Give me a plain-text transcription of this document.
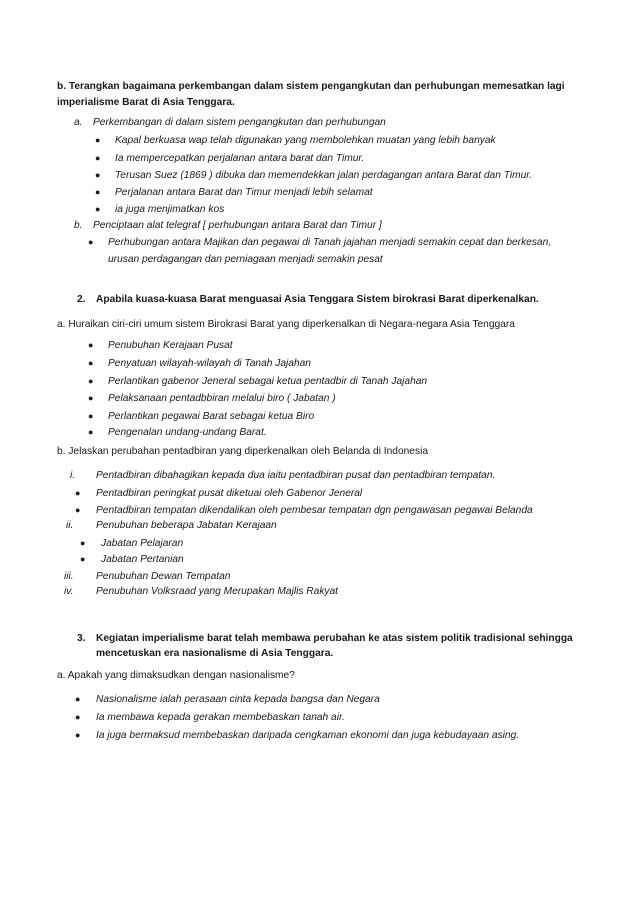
b. Terangkan bagaimana perkembangan dalam sistem pengangkutan dan perhubungan memesatkan lagi
imperialisme Barat di Asia Tenggara.
a. Perkembangan di dalam sistem pengangkutan dan perhubungan
● Kapal berkuasa wap telah digunakan yang membolehkan muatan yang lebih banyak
● Ia mempercepatkan perjalanan antara barat dan Timur.
● Terusan Suez (1869 ) dibuka dan memendekkan jalan perdagangan antara Barat dan Timur.
● Perjalanan antara Barat dan Timur menjadi lebih selamat
● ia juga menjimatkan kos
b. Penciptaan alat telegraf [ perhubungan antara Barat dan Timur ]
● Perhubungan antara Majikan dan pegawai di Tanah jajahan menjadi semakin cepat dan berkesan,
urusan perdagangan dan perniagaan menjadi semakin pesat
2. Apabila kuasa-kuasa Barat menguasai Asia Tenggara Sistem birokrasi Barat diperkenalkan.
a. Huraikan ciri-ciri umum sistem Birokrasi Barat yang diperkenalkan di Negara-negara Asia Tenggara
● Penubuhan Kerajaan Pusat
● Penyatuan wilayah-wilayah di Tanah Jajahan
● Perlantikan gabenor Jeneral sebagai ketua pentadbir di Tanah Jajahan
● Pelaksanaan pentadbbiran melalui biro ( Jabatan )
● Perlantikan pegawai Barat sebagai ketua Biro
● Pengenalan undang-undang Barat.
b. Jelaskan perubahan pentadbiran yang diperkenalkan oleh Belanda di Indonesia
i. Pentadbiran dibahagikan kepada dua iaitu pentadbiran pusat dan pentadbiran tempatan.
● Pentadbiran peringkat pusat diketuai oleh Gabenor Jeneral
● Pentadbiran tempatan dikendalikan oleh pembesar tempatan dgn pengawasan pegawai Belanda
ii. Penubuhan beberapa Jabatan Kerajaan
● Jabatan Pelajaran
● Jabatan Pertanian
iii. Penubuhan Dewan Tempatan
iv. Penubuhan Volksraad yang Merupakan Majlis Rakyat
3. Kegiatan imperialisme barat telah membawa perubahan ke atas sistem politik tradisional sehingga
mencetuskan era nasionalisme di Asia Tenggara.
a. Apakah yang dimaksudkan dengan nasionalisme?
● Nasionalisme ialah perasaan cinta kepada bangsa dan Negara
● Ia membawa kepada gerakan membebaskan tanah air.
● Ia juga bermaksud membebaskan daripada cengkaman ekonomi dan juga kebudayaan asing.
